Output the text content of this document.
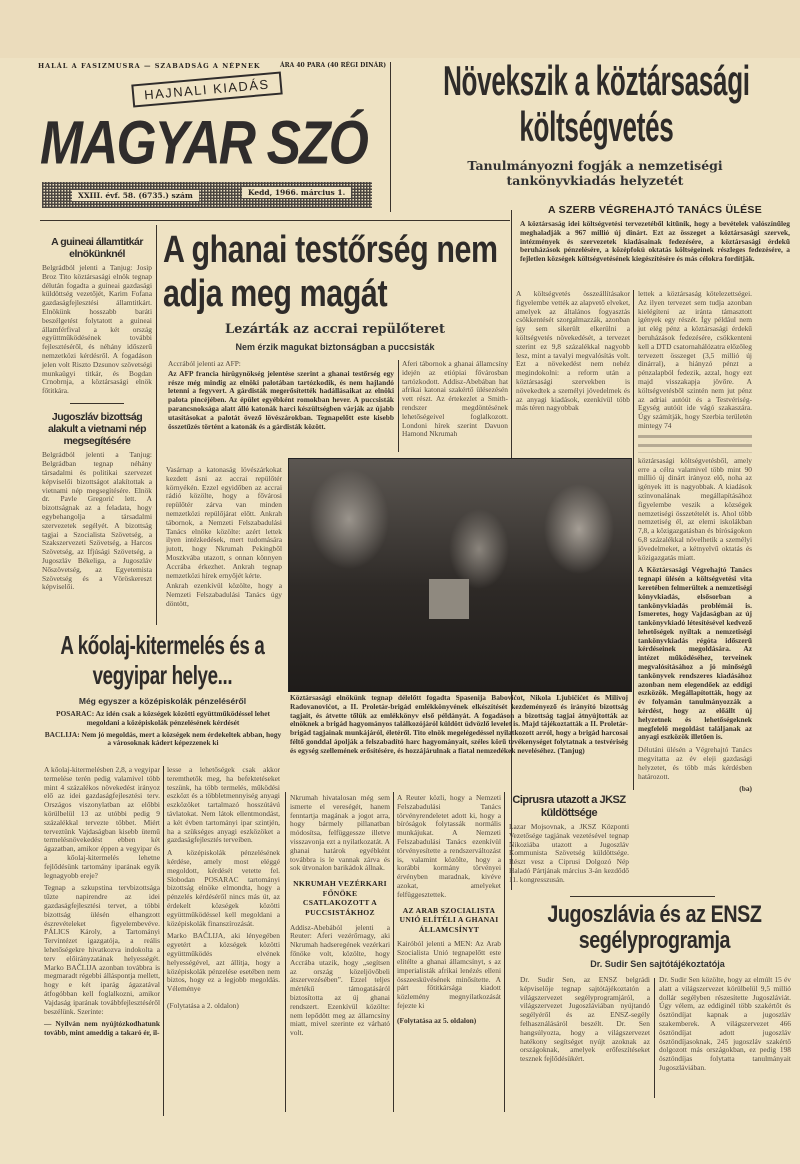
HALÁL A FASIZMUSRA — SZABADSÁG A NÉPNEK	ÁRA 40 PARA (40 RÉGI DINÁR)
HAJNALI KIADÁS
MAGYAR SZÓ
XXIII. évf. 58. (6735.) szám	Kedd, 1966. március 1.
Növekszik a köztársasági költségvetés
Tanulmányozni fogják a nemzetiségi tankönyvkiadás helyzetét
A SZERB VÉGREHAJTÓ TANÁCS ÜLÉSE
A köztársaság idei költségvetési tervezetéből kitűnik, hogy a bevételek valószínűleg meghaladják a 967 millió új dinárt. Ezt az összeget a köztársasági szervek, intézmények és szervezetek kiadásainak fedezésére, a köztársasági érdekű beruházások pénzelésére, a középfokú oktatás költségeinek részleges fedezésére, a fejletlen községek költségvetésének kiegészítésére és más célokra fordítják.
A költségvetés összeállításakor figyelembe vették az alapvető elveket, amelyek az általános fogyasztás csökkentését szorgalmazzák, azonban így sem sikerült elkerülni a költségvetés növekedését, a tervezet szerint ez 9,8 százalékkal nagyobb lesz, mint a tavalyi megvalósítás volt. Ezt a növekedést nem nehéz megindokolni: a reform után a köztársasági szervekben is növekedtek a személyi jövedelmek és az anyagi kiadások, ezenkívül több más téren nagyobbak
lettek a köztársaság kötelezettségei. Az ilyen tervezet sem tudja azonban kielégíteni az iránta támasztott igények egy részét. Így például nem jut elég pénz a köztársasági érdekű beruházások fedezésére, csökkenteni kell a DTD csatornahálózatra előzőleg tervezett összeget (3,5 millió új dinárral), a hiányzó pénzt a pénzalapból fedezik, azzal, hogy ezt majd visszakapja jövőre. A költségvetésből szintén nem jut pénz az adriai autóút és a Testvériség-Egység autóút ide vágó szakaszára. Úgy számítják, hogy Szerbia területén mintegy 74
köztársasági költségvetésből, amely erre a célra valamivel több mint 90 millió új dinárt irányoz elő, noha az igények itt is nagyobbak. A kiadások színvonalának megállapításához figyelembe veszik a községek nemzetiségi összetételét is. Ahol több nemzetiség él, az elemi iskolákban 7,8, a közigazgatásban és bíróságokon 6,8 százalékkal növelhetik a személyi jövedelmeket, a kétnyelvű oktatás és közigazgatás miatt.
A Köztársasági Végrehajtó Tanács tegnapi ülésén a költségvetési vita keretében felmerültek a nemzetiségi könyvkiadás, elsősorban a tankönyvkiadás problémái is. Ismeretes, hogy Vajdaságban az új tankönyvkiadó létesítésével kedvező lehetőségek nyíltak a nemzetiségi tankönyvkiadás régóta időszerű kérdéseinek megoldására. Az intézet működéséhez, terveinek megvalósításához a jó minőségű tankönyvek rendszeres kiadásához azonban nem elegendőek az eddigi eszközök. Megállapították, hogy az év folyamán tanulmányozzák a kérdést, hogy az előállt új helyzetnek és lehetőségeknek megfelelő megoldást találjanak az anyagi eszközök illetően is.
Délutáni ülésén a Végrehajtó Tanács megvitatta az év eleji gazdasági helyzetet, és több más kérdésben határozott.
(ba)
A guineai államtitkár elnökünknél
Belgrádból jelenti a Tanjug: Josip Broz Tito köztársasági elnök tegnap délután fogadta a guineai gazdasági küldöttség vezetőjét, Karim Fofana gazdaságfejlesztési államtitkárt. Elnökünk hosszabb baráti beszélgetést folytatott a guineai államférfival a két ország együttműködésének további fejlesztéséről, és néhány időszerű nemzetközi kérdésről. A fogadáson jelen volt Riszto Dzsunov szövetségi munkaügyi titkár, és Bogdan Crnobrnja, a köztársasági elnök főtitkára.
Jugoszláv bizottság alakult a vietnami nép megsegítésére
Belgrádból jelenti a Tanjug: Belgrádban tegnap néhány társadalmi és politikai szervezet képviselői bizottságot alakítottak a vietnami nép megsegítésére. Elnök dr. Pavle Gregorić lett. A bizottságnak az a feladata, hogy egybehangolja a társadalmi szervezetek segélyét. A bizottság tagjai a Szocialista Szövetség, a Szakszervezeti Szövetség, a Harcos Szövetség, az Ifjúsági Szövetség, a Jugoszláv Békeliga, a Jugoszláv Nőszövetség, az Egyetemista Szövetség és a Vöröskereszt képviselői.
A ghanai testőrség nem adja meg magát
Lezárták az accrai repülőteret
Nem érzik magukat biztonságban a puccsisták
Accrából jelenti az AFP:
Az AFP francia hírügynökség jelentése szerint a ghanai testőrség egy része még mindig az elnöki palotában tartózkodik, és nem hajlandó letenni a fegyvert. A gárdisták megerősítették hadállásaikat az elnöki palota pincéjében. Az épület egyébként romokban hever. A puccsisták parancsnoksága alatt álló katonák harci készültségben várják az újabb utasításokat a palotát övező lövészárokban. Tegnapelőtt este kisebb összetűzés történt a katonák és a gárdisták között.
Aferi tábornok a ghanai államcsíny idején az etiópiai fővárosban tartózkodott. Addisz-Abebában hat afrikai katonai szakértő ülésezésén vett részt. Az értekezlet a Smith-rendszer megdöntésének lehetőségeivel foglalkozott. Londoni hírek szerint Davuon Hamond Nkrumah
Vasárnap a katonaság lövészárkokat kezdett ásni az accrai repülőtér környékén. Ezzel egyidőben az accrai rádió közölte, hogy a fővárosi repülőtér zárva van minden nemzetközi repülőjárat előtt. Ankrah tábornok, a Nemzeti Felszabadulási Tanács elnöke közölte: azért lettek ilyen intézkedések, mert tudomására jutott, hogy Nkrumah Pekingből Moszkvába utazott, s onnan könnyen Accrába érkezhet. Ankrah tegnap nemzetközi hírek ernyőjét kérte.
Ankrah ezenkívül közölte, hogy a Nemzeti Felszabadulási Tanács úgy döntött,
Köztársasági elnökünk tegnap délelőtt fogadta Spasenija Babovićot, Nikola Ljubičićet és Milivoj Radovanovićot, a II. Proletár-brigád emlékkönyvének elkészítését kezdeményező és irányító bizottság tagjait, és átvette tőlük az emlékkönyv első példányát. A fogadáson a bizottság tagjai átnyújtották az elnöknek a brigád hagyományos találkozójáról küldött üdvözlő levelet is. Majd tájékoztatták a II. Proletár-brigád tagjainak munkájáról, életéről. Tito elnök megelégedéssel nyilatkozott arról, hogy a brigád harcosai féltő gonddal ápolják a felszabadító harc hagyományait, széles körű tevékenységet folytatnak a testvériség és egység szellemének erősítésére, és hozzájárulnak a fiatal nemzedékek neveléséhez. (Tanjug)
A kőolaj-kitermelés és a vegyipar helye...
Még egyszer a középiskolák pénzeléséről
POSARAC: Az idén csak a községek közötti együttműködéssel lehet megoldani a középiskolák pénzelésének kérdését
BACLIJA: Nem jó megoldás, mert a községek nem érdekeltek abban, hogy a városoknak kádert képezzenek ki
A kőolaj-kitermelésben 2,8, a vegyipar termelése terén pedig valamivel több mint 4 százalékos növekedést irányoz elő az idei gazdaságfejlesztési terv. Országos viszonylatban az előbbi körülbelül 13 az utóbbi pedig 9 százalékkal tervezte többet. Miért terveztünk Vajdaságban kisebb ütemű termelésnövekedést ebben két ágazatban, amikor éppen a vegyipar és a kőolaj-kitermelés lehetne fejlődésünk tartomány iparának egyik legnagyobb ereje?
Tegnap a szkupstina tervbizottsága tűzte napirendre az idei gazdaságfejlesztési tervet, a többi bizottság ülésén elhangzott észrevételeket figyelembevéve. PÁLICS Károly, a Tartományi Tervintézet igazgatója, a reális lehetőségekre hivatkozva indokolta a terv előirányzatának helyességét. Marko BAČLIJA azonban továbbra is megmaradt régebbi álláspontja mellett, hogy e két iparág ágazatával átfogóbban kell foglalkozni, amikor Vajdaság iparának továbbfejlesztéséről beszélünk. Szerinte:
— Nyilván nem nyújtózkodhatunk tovább, mint ameddig a takaró ér, il-
lesse a lehetőségek csak akkor teremthetők meg, ha befektetéseket teszünk, ha több termelés, működési eszközt és a többletmennyiség anyagi eszközöket tartalmazó hosszútávú távlatokat. Nem látok ellentmondást, a két évben tartományi ipar szintjén, ha a szükséges anyagi eszközöket a gazdaságfejlesztés terveiben.
A középiskolák pénzelésének kérdése, amely most eléggé megoldott, kérdését vetette fel. Slobodan POSARAC tartományi bizottság elnöke elmondta, hogy a pénzelés kérdéséről nincs más út, az érdekelt községek közötti együttműködéssel kell megoldani a középiskolák finanszírozását.
Marko BAČLIJA, aki lényegében egyetért a községek közötti együttműködés elvének helyességével, azt állítja, hogy a középiskolák pénzelése esetében nem biztos, hogy ez a legjobb megoldás. Véleménye
(Folytatása a 2. oldalon)
Nkrumah hivatalosan még sem ismerte el vereségét, hanem fenntartja magának a jogot arra, hogy bármely pillanatban módosítsa, felfüggessze illetve visszavonja ezt a nyilatkozatát. A ghanai határok egyébként továbbra is le vannak zárva és sok útvonalon barikádok állnak.
NKRUMAH VEZÉRKARI FŐNÖKE CSATLAKOZOTT A PUCCSISTÁKHOZ
Addisz-Abebából jelenti a Reuter: Aferi vezérőrnagy, aki Nkrumah hadseregének vezérkari főnöke volt, közölte, hogy Accrába utazik, hogy „segítsen az ország közeljövőbeli átszervezésében”. Ezzel teljes mértékű támogatásáról biztosította az új ghanai rendszert. Ezenkívül közölte: nem lepődött meg az államcsíny miatt, mivel szerinte ez várható volt.
A Reuter közli, hogy a Nemzeti Felszabadulási Tanács törvényrendeletet adott ki, hogy a bíróságok folytassák normális munkájukat. A Nemzeti Felszabadulási Tanács ezenkívül törvényesítette a rendszerváltozást is, valamint közölte, hogy a korábbi kormány törvényei érvényben maradnak, kivéve azokat, amelyeket felfüggesztettek.
AZ ARAB SZOCIALISTA UNIÓ ELÍTÉLI A GHANAI ÁLLAMCSÍNYT
Kairóból jelenti a MEN: Az Arab Szocialista Unió tegnapelőtt este elítélte a ghanai államcsínyt, s az imperialisták afrikai lenézés elleni összeesküvésének minősítette. A párt főtitkársága kiadott közlemény megnyilatkozását fejezte ki
(Folytatása az 5. oldalon)
Ciprusra utazott a JKSZ küldöttsége
Lazar Mojsovnak, a JKSZ Központi Vezetősége tagjának vezetésével tegnap Nikoziába utazott a Jugoszláv Kommunista Szövetség küldöttsége. Részt vesz a Ciprusi Dolgozó Nép Haladó Pártjának március 3-án kezdődő 11. kongresszusán.
Jugoszlávia és az ENSZ segélyprogramja
Dr. Sudir Sen sajtótájékoztatója
Dr. Sudir Sen, az ENSZ belgrádi képviselője tegnap sajtótájékoztatón a világszervezet segélyprogramjáról, a világszervezet Jugoszláviában nyújtandó segélyéről és az ENSZ-segély felhasználásáról beszélt. Dr. Sen hangsúlyozta, hogy a világszervezet hatékony segítséget nyújt azoknak az országoknak, amelyek erőfeszítéseket tesznek fejlődésükért.
Dr. Sudir Sen közölte, hogy az elmúlt 15 év alatt a világszervezet körülbelül 9,5 millió dollár segélyben részesítette Jugoszláviát. Úgy vélem, az eddiginél több szakértőt és ösztöndíjat kapnak a jugoszláv szakemberek. A világszervezet 466 ösztöndíjat adott jugoszláv ösztöndíjasoknak, 245 jugoszláv szakértő dolgozott más országokban, ez pedig 198 ösztöndíjas folytatta tanulmányait Jugoszláviában.
